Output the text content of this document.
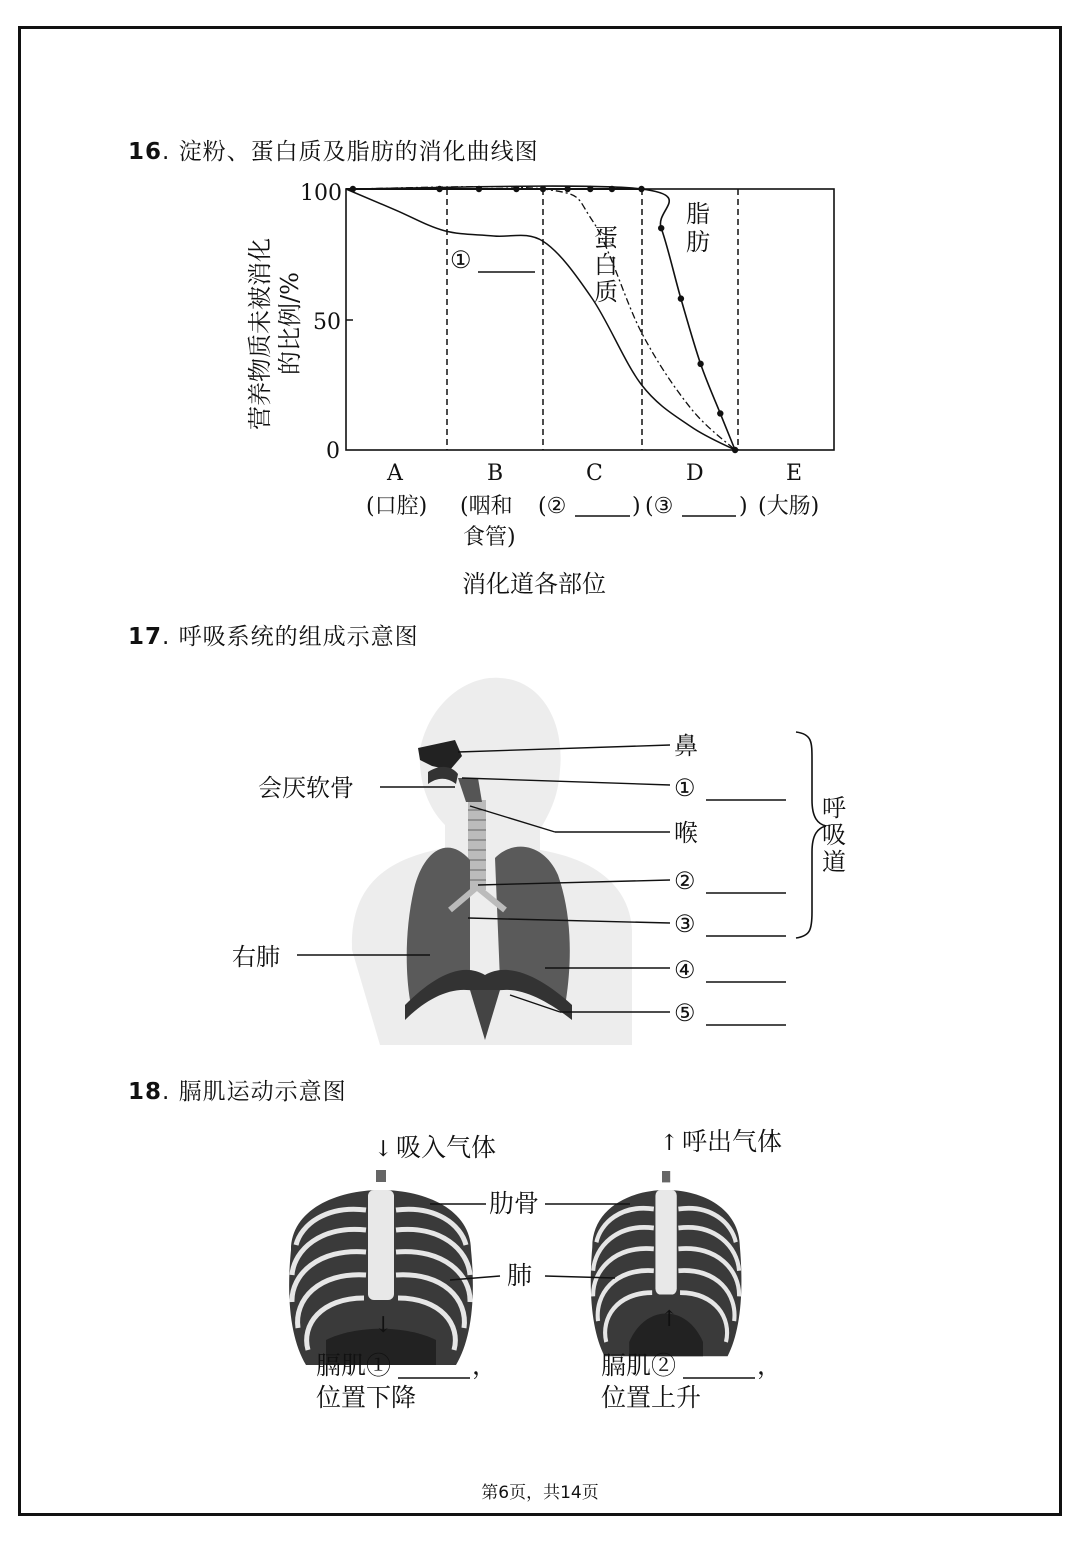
16. 淀粉、蛋白质及脂肪的消化曲线图
营养物质未被消化 的比例/%
100
50
0
①
蛋
白
质
脂
肪
A	B	C	D	E
(口腔) (咽和
食管)
(②	) (③	) (大肠)
消化道各部位
17. 呼吸系统的组成示意图
会厌软骨
右肺
鼻
①
喉
②
③
④
⑤
呼
吸
道
18. 膈肌运动示意图
↓ 吸入气体
↓
↑ 呼出气体
↑
肋骨
肺
膈肌①	，
位置下降
膈肌②	，
位置上升
第6页，共14页
